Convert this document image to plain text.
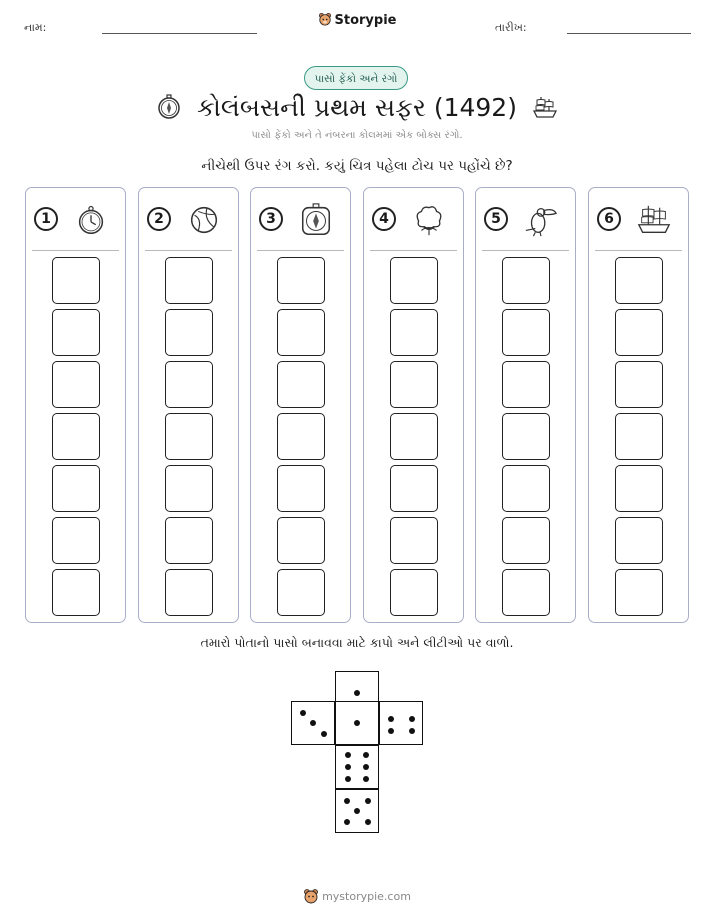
નામ:	તારીખ:
Storypie
પાસો ફેંકો અને રંગો
કોલંબસની પ્રથમ સફર (1492)
પાસો ફેંકો અને તે નંબરના કોલમમાં એક બોક્સ રંગો.
નીચેથી ઉપર રંગ કરો. કયું ચિત્ર પહેલા ટોચ પર પહોંચે છે?
1	2	3	4	5	6
તમારો પોતાનો પાસો બનાવવા માટે કાપો અને લીટીઓ પર વાળો.
mystorypie.com
